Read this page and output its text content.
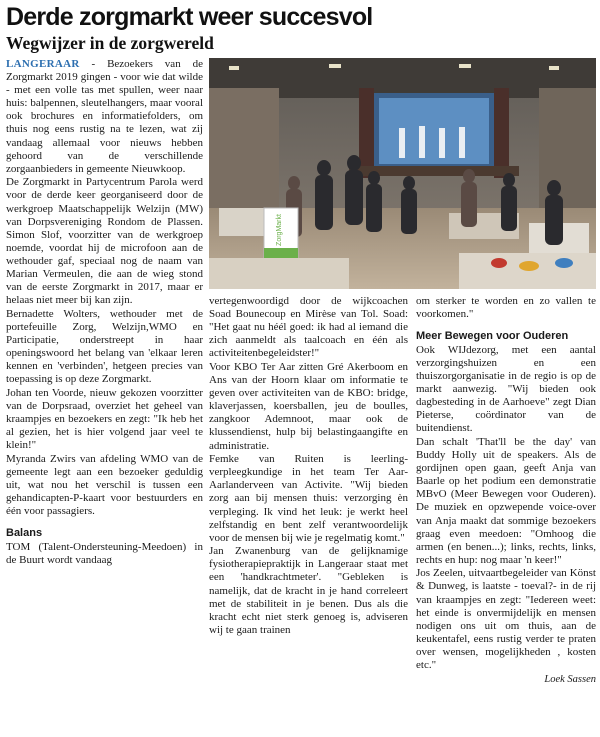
Derde zorgmarkt weer succesvol
Wegwijzer in de zorgwereld

LANGERAAR - Bezoekers van de Zorgmarkt 2019 gingen - voor wie dat wilde - met een volle tas met spullen, weer naar huis: balpennen, sleutelhangers, maar vooral ook brochures en informatiefolders, om thuis nog eens rustig na te lezen, wat zij vandaag allemaal voor nieuws hebben gehoord van de verschillende zorgaanbieders in gemeente Nieuwkoop.

De Zorgmarkt in Partycentrum Parola werd voor de derde keer georganiseerd door de werkgroep Maatschappelijk Welzijn (MW) van Dorpsvereniging Rondom de Plassen. Simon Slof, voorzitter van de werkgroep noemde, voordat hij de microfoon aan de wethouder gaf, speciaal nog de naam van Marian Vermeulen, die aan de wieg stond van de eerste Zorgmarkt in 2017, maar er helaas niet meer bij kan zijn.

Bernadette Wolters, wethouder met de portefeuille Zorg, Welzijn,WMO en Participatie, onderstreept in haar openingswoord het belang van 'elkaar leren kennen en 'verbinden', hetgeen precies van toepassing is op deze Zorgmarkt.

Johan ten Voorde, nieuw gekozen voorzitter van de Dorpsraad, overziet het geheel van kraampjes en bezoekers en zegt: "Ik heb het al gezien, het is hier volgend jaar veel te klein!"

Myranda Zwirs van afdeling WMO van de gemeente legt aan een bezoeker geduldig uit, wat nou het verschil is tussen een gehandicapten-P-kaart voor bestuurders en één voor passagiers.

Balans

TOM (Talent-Ondersteuning-Meedoen) in de Buurt wordt vandaag

ZorgMarkt

vertegenwoordigd door de wijkcoachen Soad Bounecoup en Mirèse van Tol. Soad: "Het gaat nu héél goed: ik had al iemand die zich aanmeldt als taalcoach en één als activiteitenbegeleidster!"

Voor KBO Ter Aar zitten Gré Akerboom en Ans van der Hoorn klaar om informatie te geven over activiteiten van de KBO: bridge, klaverjassen, koersballen, jeu de boulles, zangkoor Ademnoot, maar ook de klussendienst, hulp bij belastingaangifte en administratie.

Femke van Ruiten is leerling-verpleegkundige in het team Ter Aar-Aarlanderveen van Activite. "Wij bieden zorg aan bij mensen thuis: verzorging èn verpleging. Ik vind het leuk: je werkt heel zelfstandig en bent zelf verantwoordelijk voor de mensen bij wie je regelmatig komt."

Jan Zwanenburg van de gelijknamige fysiotherapiepraktijk in Langeraar staat met een 'handkrachtmeter'. "Gebleken is namelijk, dat de kracht in je hand correleert met de stabiliteit in je benen. Dus als die kracht echt niet sterk genoeg is, adviseren wij te gaan trainen

om sterker te worden en zo vallen te voorkomen."

Meer Bewegen voor Ouderen

Ook WIJdezorg, met een aantal verzorgingshuizen en een thuiszorgorganisatie in de regio is op de markt aanwezig. "Wij bieden ook dagbesteding in de Aarhoeve" zegt Dian Pieterse, coördinator van de buitendienst.

Dan schalt 'That'll be the day' van Buddy Holly uit de speakers. Als de gordijnen open gaan, geeft Anja van Baarle op het podium een demonstratie MBvO (Meer Bewegen voor Ouderen). De muziek en opzwepende voice-over van Anja maakt dat sommige bezoekers graag even meedoen: "Omhoog die armen (en benen...); links, rechts, links, rechts en hup: nog maar 'n keer!"

Jos Zeelen, uitvaartbegeleider van Könst & Dunweg, is laatste - toeval?- in de rij van kraampjes en zegt: "Iedereen weet: het einde is onvermijdelijk en mensen nodigen ons uit om thuis, aan de keukentafel, eens rustig verder te praten over wensen, mogelijkheden , kosten etc."

Loek Sassen
